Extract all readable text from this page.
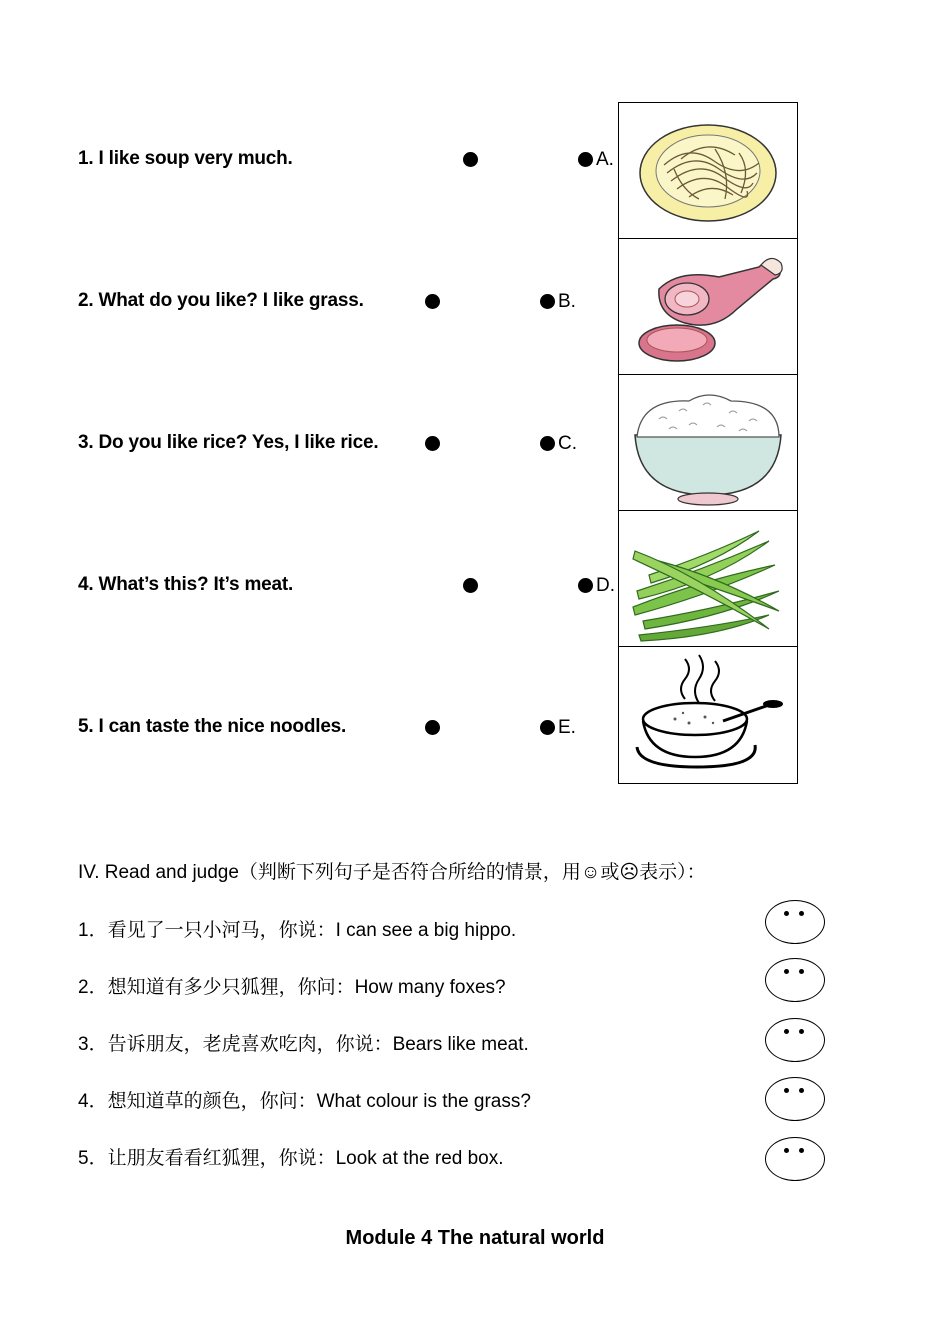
1. I like soup very much.
2. What do you like? I like grass.
3. Do you like rice? Yes, I like rice.
4. What’s this? It’s meat.
5. I can taste the nice noodles.
A.
B.
C.
D.
E.
IV. Read and judge（判断下列句子是否符合所给的情景，用☺或☹表示）：
1．看见了一只小河马，你说：I can see a big hippo.
2．想知道有多少只狐狸，你问：How many foxes?
3．告诉朋友，老虎喜欢吃肉，你说：Bears like meat.
4．想知道草的颜色，你问：What colour is the grass?
5．让朋友看看红狐狸，你说：Look at the red box.
Module 4 The natural world
